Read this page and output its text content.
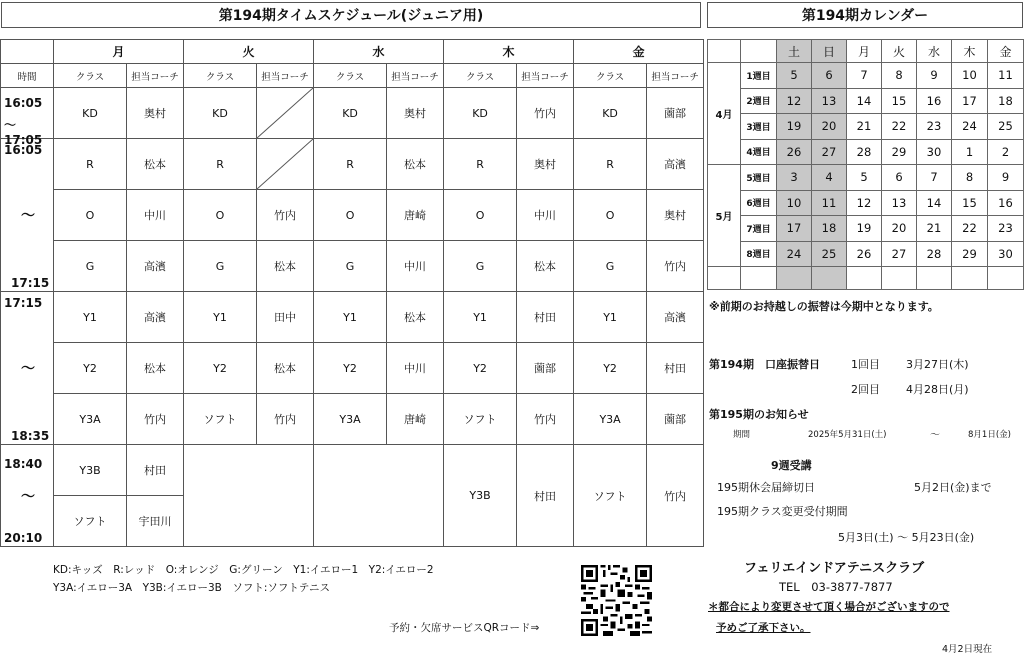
第194期タイムスケジュール(ジュニア用)	第194期カレンダー
	月		火		水		木		金	
時間	クラス	担当コーチ	クラス	担当コーチ	クラス	担当コーチ	クラス	担当コーチ	クラス	担当コーチ

16:05
～17:05	KD	奥村	KD		KD	奥村	KD	竹内	KD	薗部

16:05
～
17:15	R	松本	R		R	松本	R	奥村	R	高濱
	O	中川	O	竹内	O	唐崎	O	中川	O	奥村
	G	高濱	G	松本	G	中川	G	松本	G	竹内

17:15
～
18:35	Y1	高濱	Y1	田中	Y1	松本	Y1	村田	Y1	高濱
	Y2	松本	Y2	松本	Y2	中川	Y2	薗部	Y2	村田
	Y3A	竹内	ソフト	竹内	Y3A	唐崎	ソフト	竹内	Y3A	薗部

18:40
～
20:10	Y3B	村田					Y3B	村田	ソフト	竹内
	ソフト	宇田川								
		土	日	月	火	水	木	金
4月	1週目	5	6	7	8	9	10	11
	2週目	12	13	14	15	16	17	18
	3週目	19	20	21	22	23	24	25
	4週目	26	27	28	29	30	1	2
5月	5週目	3	4	5	6	7	8	9
	6週目	10	11	12	13	14	15	16
	7週目	17	18	19	20	21	22	23
	8週目	24	25	26	27	28	29	30

※前期のお持越しの振替は今期中となります。
第194期　口座振替日	1回目 3月27日(木)
2回目 4月28日(月)
第195期のお知らせ
期間	2025年5月31日(土)	～	8月1日(金)
9週受講
195期休会届締切日	5月2日(金)まで
195期クラス変更受付期間
5月3日(土) ～ 5月23日(金)
フェリエインドアテニスクラブ
TEL　03-3877-7877
＊都合により変更させて頂く場合がございますので
予めご了承下さい。
4月2日現在
KD:キッズ　R:レッド　O:オレンジ　G:グリーン　Y1:イエロー1　Y2:イエロー2
Y3A:イエロー3A　Y3B:イエロー3B　ソフト:ソフトテニス
予約・欠席サービスQRコード⇒
